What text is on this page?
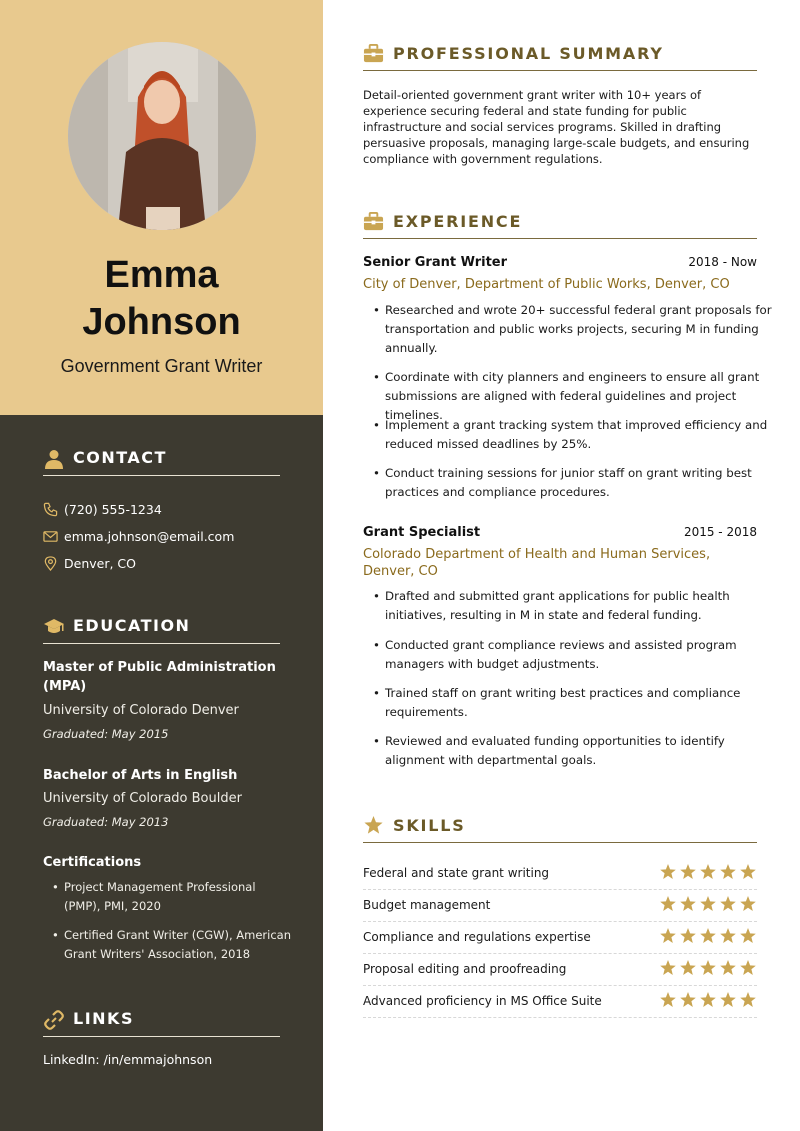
Emma
Johnson
Government Grant Writer
CONTACT
(720) 555-1234
emma.johnson@email.com
Denver, CO
EDUCATION
Master of Public Administration (MPA)
University of Colorado Denver
Graduated: May 2015
Bachelor of Arts in English
University of Colorado Boulder
Graduated: May 2013
Certifications
• Project Management Professional (PMP), PMI, 2020
• Certified Grant Writer (CGW), American Grant Writers' Association, 2018
LINKS
LinkedIn: /in/emmajohnson
PROFESSIONAL SUMMARY
Detail-oriented government grant writer with 10+ years of experience securing federal and state funding for public infrastructure and social services programs. Skilled in drafting persuasive proposals, managing large-scale budgets, and ensuring compliance with government regulations.
EXPERIENCE
Senior Grant Writer	2018 - Now
City of Denver, Department of Public Works, Denver, CO
• Researched and wrote 20+ successful federal grant proposals for transportation and public works projects, securing M in funding annually.
• Coordinate with city planners and engineers to ensure all grant submissions are aligned with federal guidelines and project timelines.
• Implement a grant tracking system that improved efficiency and reduced missed deadlines by 25%.
• Conduct training sessions for junior staff on grant writing best practices and compliance procedures.
Grant Specialist	2015 - 2018
Colorado Department of Health and Human Services, Denver, CO
• Drafted and submitted grant applications for public health initiatives, resulting in M in state and federal funding.
• Conducted grant compliance reviews and assisted program managers with budget adjustments.
• Trained staff on grant writing best practices and compliance requirements.
• Reviewed and evaluated funding opportunities to identify alignment with departmental goals.
SKILLS
Federal and state grant writing
Budget management
Compliance and regulations expertise
Proposal editing and proofreading
Advanced proficiency in MS Office Suite
